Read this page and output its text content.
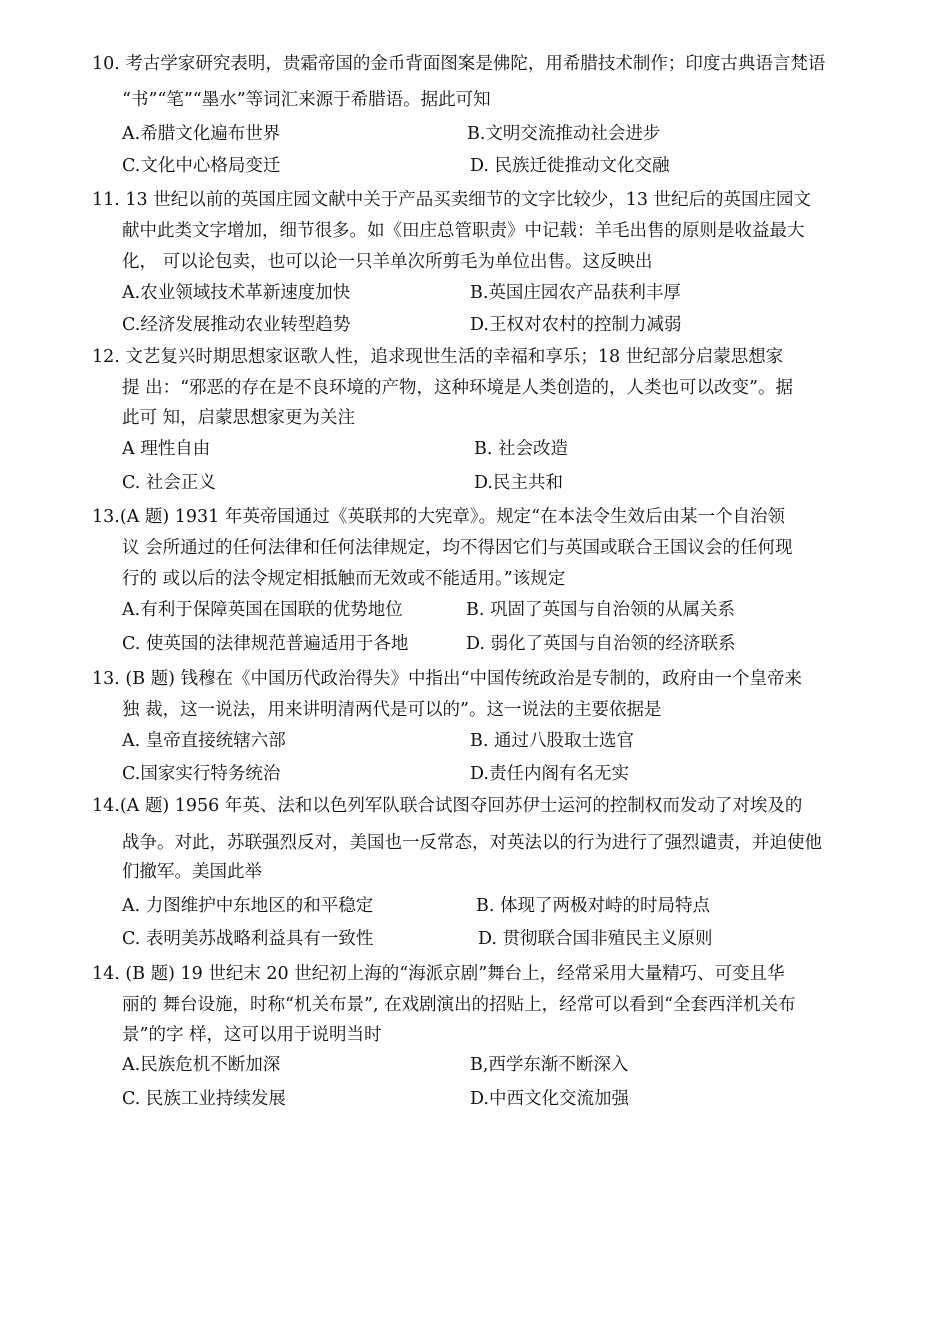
10. 考古学家研究表明，贵霜帝国的金币背面图案是佛陀，用希腊技术制作；印度古典语言梵语
“书”“笔”“墨水”等词汇来源于希腊语。据此可知
A.希腊文化遍布世界	B.文明交流推动社会进步
C.文化中心格局变迁	D. 民族迁徙推动文化交融
11. 13 世纪以前的英国庄园文献中关于产品买卖细节的文字比较少，13 世纪后的英国庄园文
献中此类文字增加，细节很多。如《田庄总管职责》中记载：羊毛出售的原则是收益最大
化， 可以论包卖，也可以论一只羊单次所剪毛为单位出售。这反映出
A.农业领域技术革新速度加快	B.英国庄园农产品获利丰厚
C.经济发展推动农业转型趋势	D.王权对农村的控制力减弱
12. 文艺复兴时期思想家讴歌人性，追求现世生活的幸福和享乐；18 世纪部分启蒙思想家
提 出：“邪恶的存在是不良环境的产物，这种环境是人类创造的，人类也可以改变”。据
此可 知，启蒙思想家更为关注
A 理性自由	B. 社会改造
C. 社会正义	D.民主共和
13.(A 题) 1931 年英帝国通过《英联邦的大宪章》。规定“在本法令生效后由某一个自治领
议 会所通过的任何法律和任何法律规定，均不得因它们与英国或联合王国议会的任何现
行的 或以后的法令规定相抵触而无效或不能适用。”该规定
A.有利于保障英国在国联的优势地位	B. 巩固了英国与自治领的从属关系
C. 使英国的法律规范普遍适用于各地	D. 弱化了英国与自治领的经济联系
13. (B 题) 钱穆在《中国历代政治得失》中指出“中国传统政治是专制的，政府由一个皇帝来
独 裁，这一说法，用来讲明清两代是可以的”。这一说法的主要依据是
A. 皇帝直接统辖六部	B. 通过八股取士选官
C.国家实行特务统治	D.责任内阁有名无实
14.(A 题) 1956 年英、法和以色列军队联合试图夺回苏伊士运河的控制权而发动了对埃及的
战争。对此，苏联强烈反对，美国也一反常态，对英法以的行为进行了强烈谴责，并迫使他
们撤军。美国此举
A. 力图维护中东地区的和平稳定	B. 体现了两极对峙的时局特点
C. 表明美苏战略利益具有一致性	D. 贯彻联合国非殖民主义原则
14. (B 题) 19 世纪末 20 世纪初上海的“海派京剧”舞台上，经常采用大量精巧、可变且华
丽的 舞台设施，时称“机关布景”, 在戏剧演出的招贴上，经常可以看到“全套西洋机关布
景”的字 样，这可以用于说明当时
A.民族危机不断加深	B,西学东渐不断深入
C. 民族工业持续发展	D.中西文化交流加强
